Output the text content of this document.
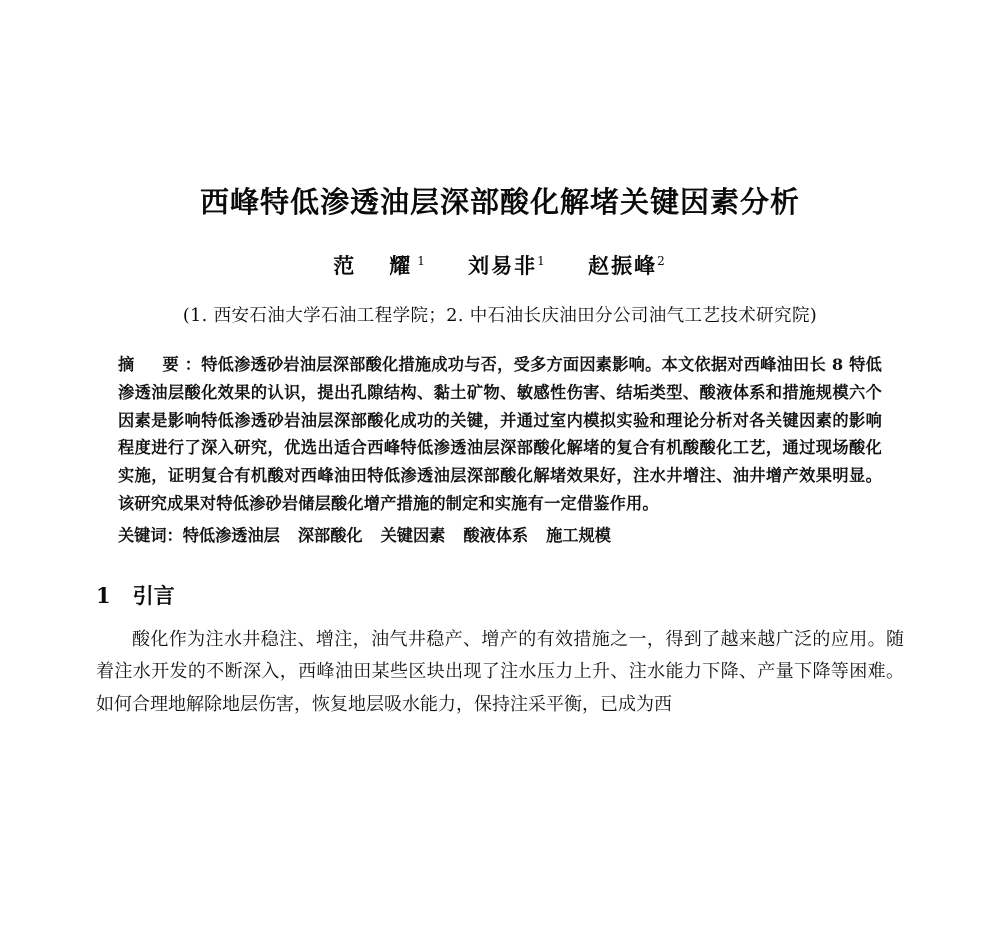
西峰特低渗透油层深部酸化解堵关键因素分析
范　耀$^1$ 刘易非$^1$ 赵振峰$^2$
(1. 西安石油大学石油工程学院；2. 中石油长庆油田分公司油气工艺技术研究院)
摘　要：特低渗透砂岩油层深部酸化措施成功与否，受多方面因素影响。本文依据对西峰油田长 8 特低渗透油层酸化效果的认识，提出孔隙结构、黏土矿物、敏感性伤害、结垢类型、酸液体系和措施规模六个因素是影响特低渗透砂岩油层深部酸化成功的关键，并通过室内模拟实验和理论分析对各关键因素的影响程度进行了深入研究，优选出适合西峰特低渗透油层深部酸化解堵的复合有机酸酸化工艺，通过现场酸化实施，证明复合有机酸对西峰油田特低渗透油层深部酸化解堵效果好，注水井增注、油井增产效果明显。该研究成果对特低渗砂岩储层酸化增产措施的制定和实施有一定借鉴作用。
关键词：特低渗透油层 深部酸化 关键因素 酸液体系 施工规模
1 引言

酸化作为注水井稳注、增注，油气井稳产、增产的有效措施之一，得到了越来越广泛的应用。随着注水开发的不断深入，西峰油田某些区块出现了注水压力上升、注水能力下降、产量下降等困难。如何合理地解除地层伤害，恢复地层吸水能力，保持注采平衡，已成为西
